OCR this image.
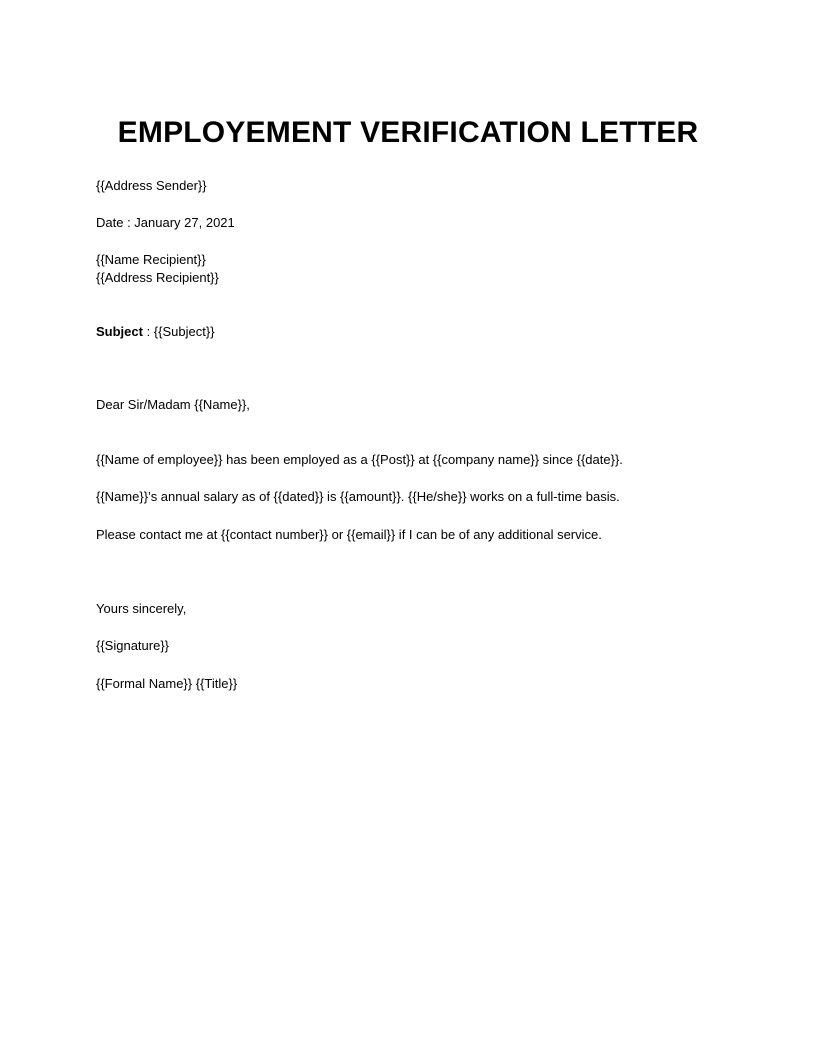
EMPLOYEMENT VERIFICATION LETTER
{{Address Sender}}
Date : January 27, 2021
{{Name Recipient}}
{{Address Recipient}}
Subject : {{Subject}}
Dear Sir/Madam {{Name}},
{{Name of employee}} has been employed as a {{Post}} at {{company name}} since {{date}}.
{{Name}}’s annual salary as of {{dated}} is {{amount}}. {{He/she}} works on a full-time basis.
Please contact me at {{contact number}} or {{email}} if I can be of any additional service.
Yours sincerely,
{{Signature}}
{{Formal Name}} {{Title}}
